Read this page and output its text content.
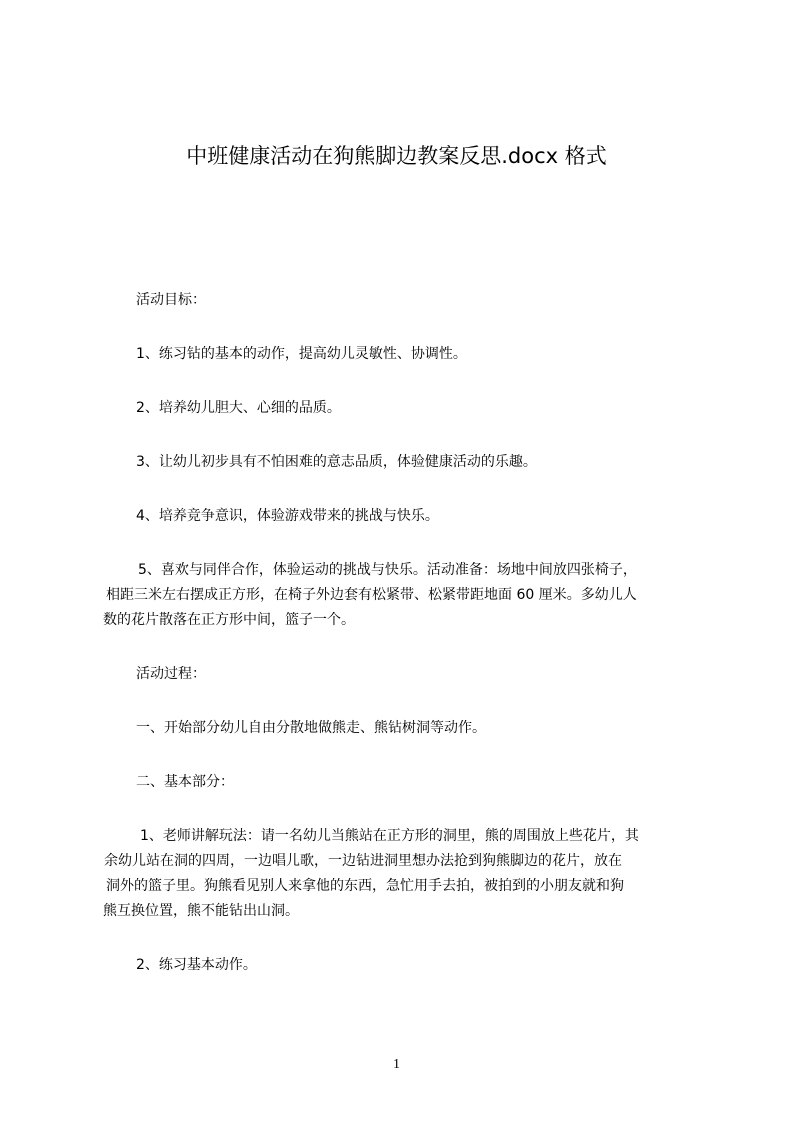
中班健康活动在狗熊脚边教案反思.docx 格式
活动目标：
1、练习钻的基本的动作，提高幼儿灵敏性、协调性。
2、培养幼儿胆大、心细的品质。
3、让幼儿初步具有不怕困难的意志品质，体验健康活动的乐趣。
4、培养竞争意识，体验游戏带来的挑战与快乐。
5、喜欢与同伴合作，体验运动的挑战与快乐。活动准备：场地中间放四张椅子，
相距三米左右摆成正方形，在椅子外边套有松紧带、松紧带距地面 60 厘米。多幼儿人
数的花片散落在正方形中间，篮子一个。
活动过程：
一、开始部分幼儿自由分散地做熊走、熊钻树洞等动作。
二、基本部分：
1、老师讲解玩法：请一名幼儿当熊站在正方形的洞里，熊的周围放上些花片，其
余幼儿站在洞的四周，一边唱儿歌，一边钻进洞里想办法抢到狗熊脚边的花片，放在
洞外的篮子里。狗熊看见别人来拿他的东西，急忙用手去拍，被拍到的小朋友就和狗
熊互换位置，熊不能钻出山洞。
2、练习基本动作。
1
